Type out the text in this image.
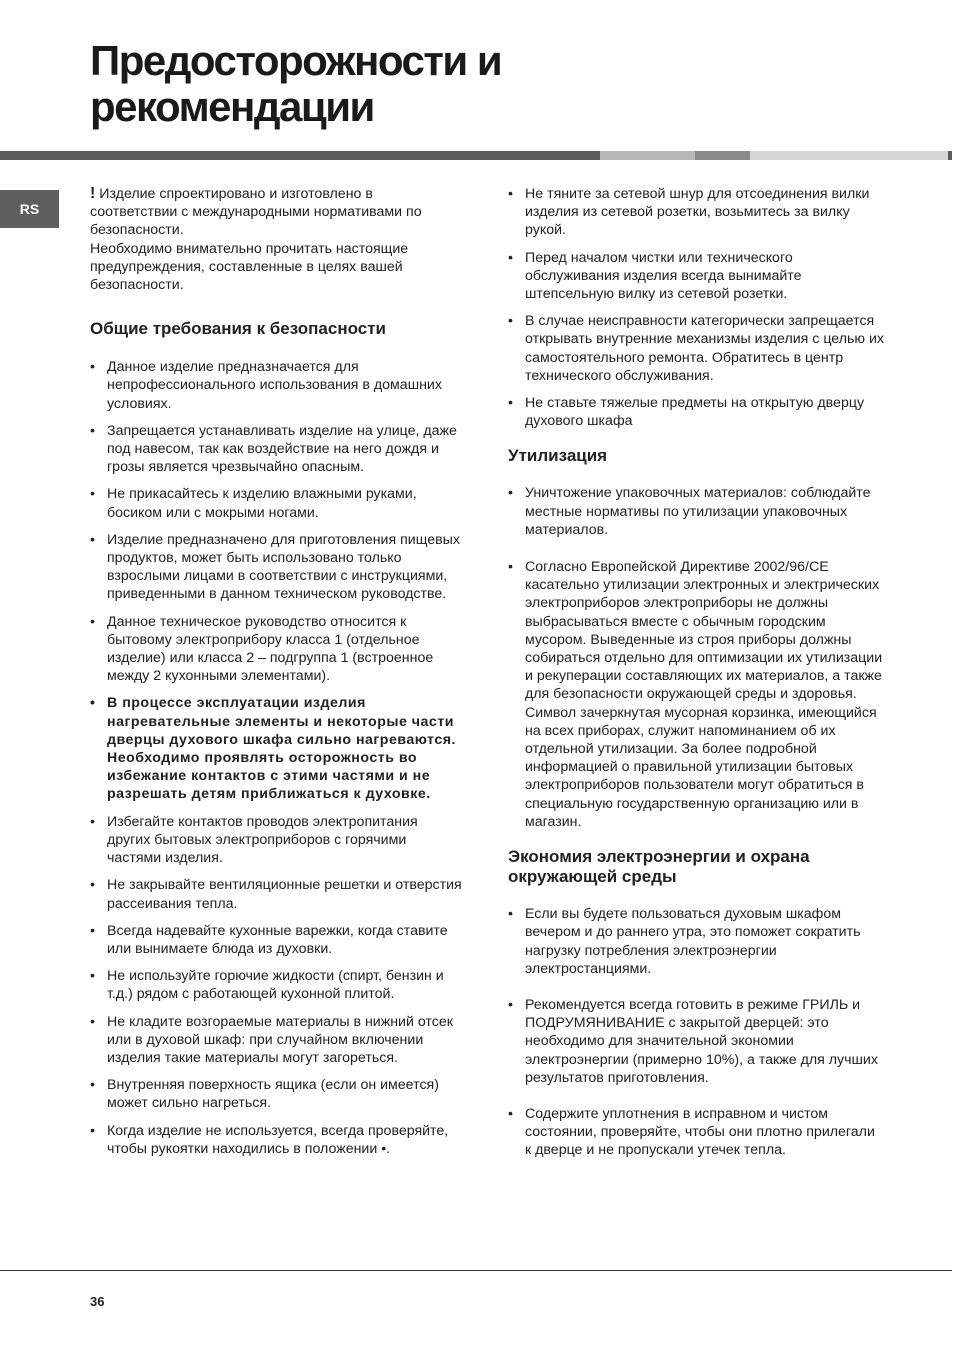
Предосторожности и
рекомендации
RS

! Изделие спроектировано и изготовлено в соответствии с международными нормативами по безопасности.

Необходимо внимательно прочитать настоящие предупреждения, составленные в целях вашей безопасности.

Общие требования к безопасности
• Данное изделие предназначается для непрофессионального использования в домашних условиях.
• Запрещается устанавливать изделие на улице, даже под навесом, так как воздействие на него дождя и грозы является чрезвычайно опасным.
• Не прикасайтесь к изделию влажными руками, босиком или с мокрыми ногами.
• Изделие предназначено для приготовления пищевых продуктов, может быть использовано только взрослыми лицами в соответствии с инструкциями, приведенными в данном техническом руководстве.
• Данное техническое руководство относится к бытовому электроприбору класса 1 (отдельное изделие) или класса 2 – подгруппа 1 (встроенное между 2 кухонными элементами).
• В процессе эксплуатации изделия нагревательные элементы и некоторые части дверцы духового шкафа сильно нагреваются. Необходимо проявлять осторожность во избежание контактов с этими частями и не разрешать детям приближаться к духовке.
• Избегайте контактов проводов электропитания других бытовых электроприборов с горячими частями изделия.
• Не закрывайте вентиляционные решетки и отверстия рассеивания тепла.
• Всегда надевайте кухонные варежки, когда ставите или вынимаете блюда из духовки.
• Не используйте горючие жидкости (спирт, бензин и т.д.) рядом с работающей кухонной плитой.
• Не кладите возгораемые материалы в нижний отсек или в духовой шкаф: при случайном включении изделия такие материалы могут загореться.
• Внутренняя поверхность ящика (если он имеется) может сильно нагреться.
• Когда изделие не используется, всегда проверяйте, чтобы рукоятки находились в положении •.
• Не тяните за сетевой шнур для отсоединения вилки изделия из сетевой розетки, возьмитесь за вилку рукой.
• Перед началом чистки или технического обслуживания изделия всегда вынимайте штепсельную вилку из сетевой розетки.
• В случае неисправности категорически запрещается открывать внутренние механизмы изделия с целью их самостоятельного ремонта. Обратитесь в центр технического обслуживания.
• Не ставьте тяжелые предметы на открытую дверцу духового шкафа
Утилизация
• Уничтожение упаковочных материалов: соблюдайте местные нормативы по утилизации упаковочных материалов.
• Согласно Европейской Директиве 2002/96/CE касательно утилизации электронных и электрических электроприборов электроприборы не должны выбрасываться вместе с обычным городским мусором. Выведенные из строя приборы должны собираться отдельно для оптимизации их утилизации и рекуперации составляющих их материалов, а также для безопасности окружающей среды и здоровья. Символ зачеркнутая мусорная корзинка, имеющийся на всех приборах, служит напоминанием об их отдельной утилизации. За более подробной информацией о правильной утилизации бытовых электроприборов пользователи могут обратиться в специальную государственную организацию или в магазин.
Экономия электроэнергии и охрана окружающей среды
• Если вы будете пользоваться духовым шкафом вечером и до раннего утра, это поможет сократить нагрузку потребления электроэнергии электростанциями.
• Рекомендуется всегда готовить в режиме ГРИЛЬ и ПОДРУМЯНИВАНИЕ с закрытой дверцей: это необходимо для значительной экономии электроэнергии (примерно 10%), а также для лучших результатов приготовления.
• Содержите уплотнения в исправном и чистом состоянии, проверяйте, чтобы они плотно прилегали к дверце и не пропускали утечек тепла.
36
